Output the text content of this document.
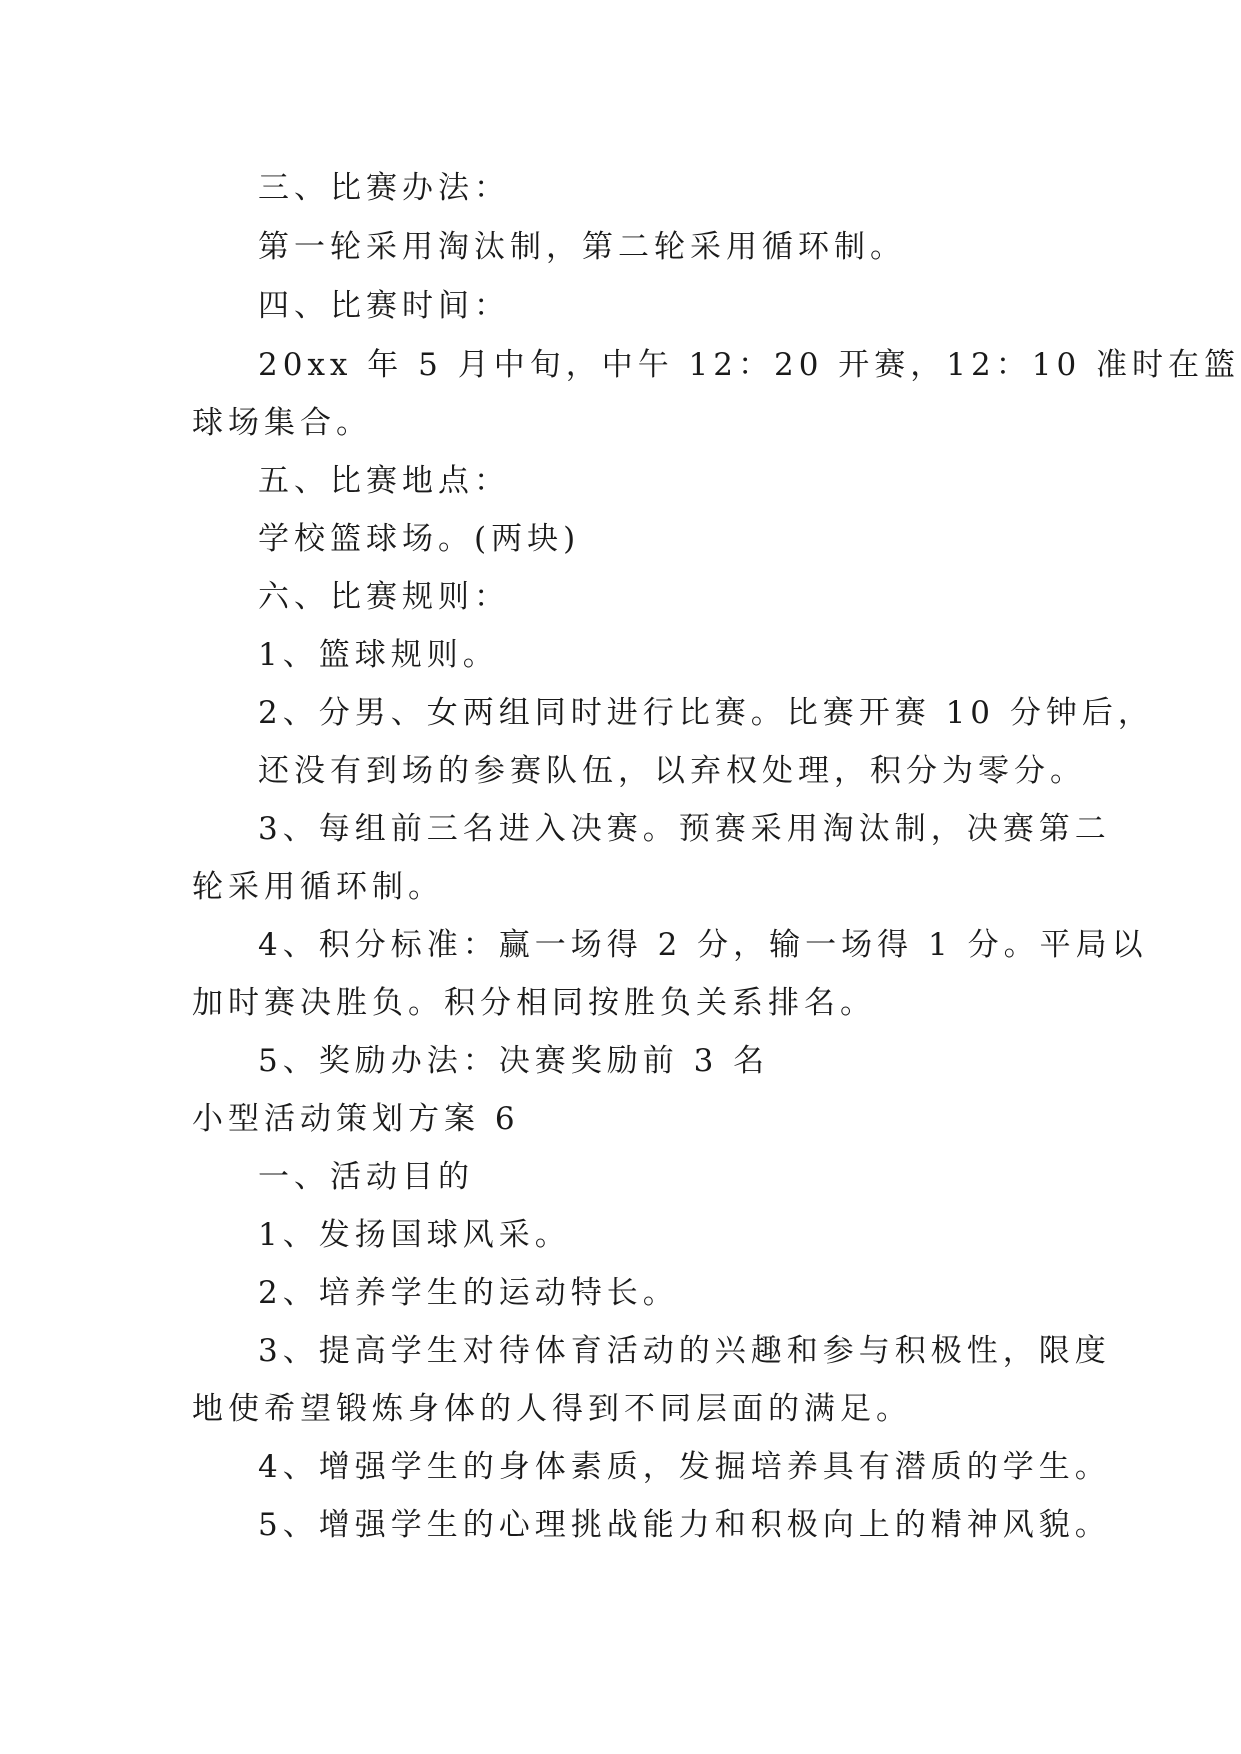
三、比赛办法：

第一轮采用淘汰制，第二轮采用循环制。

四、比赛时间：

20xx 年 5 月中旬，中午 12：20 开赛，12：10 准时在篮

球场集合。

五、比赛地点：

学校篮球场。(两块)

六、比赛规则：

1、篮球规则。

2、分男、女两组同时进行比赛。比赛开赛 10 分钟后，

还没有到场的参赛队伍，以弃权处理，积分为零分。

3、每组前三名进入决赛。预赛采用淘汰制，决赛第二

轮采用循环制。

4、积分标准：赢一场得 2 分，输一场得 1 分。平局以

加时赛决胜负。积分相同按胜负关系排名。

5、奖励办法：决赛奖励前 3 名

小型活动策划方案 6

一、活动目的

1、发扬国球风采。

2、培养学生的运动特长。

3、提高学生对待体育活动的兴趣和参与积极性，限度

地使希望锻炼身体的人得到不同层面的满足。

4、增强学生的身体素质，发掘培养具有潜质的学生。

5、增强学生的心理挑战能力和积极向上的精神风貌。
